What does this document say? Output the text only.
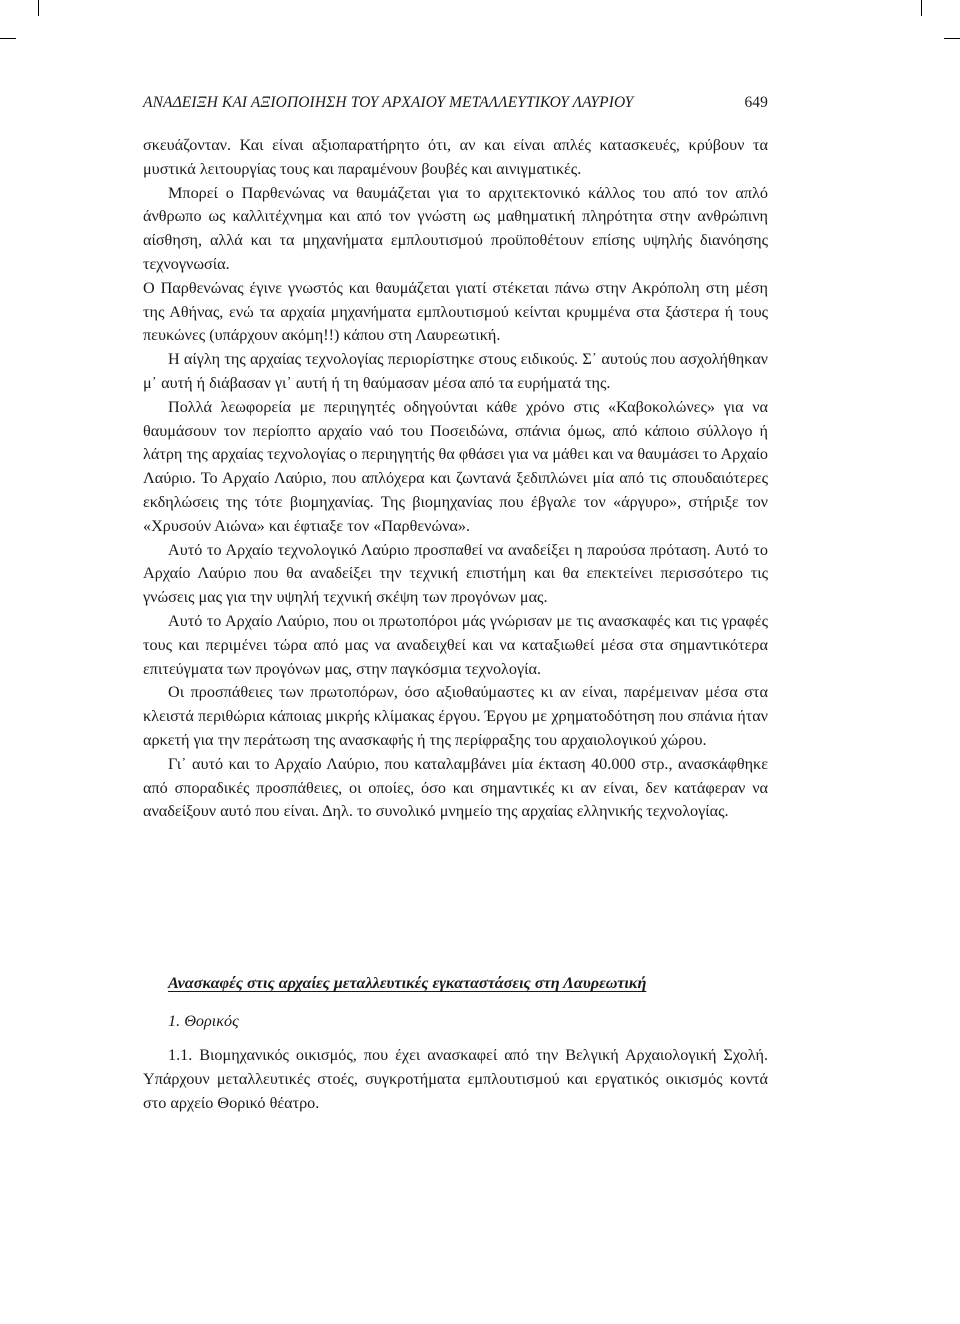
ΑΝΑΔΕΙΞΗ ΚΑΙ ΑΞΙΟΠΟΙΗΣΗ ΤΟΥ ΑΡΧΑΙΟΥ ΜΕΤΑΛΛΕΥΤΙΚΟΥ ΛΑΥΡΙΟΥ	649

σκευάζονταν. Και είναι αξιοπαρατήρητο ότι, αν και είναι απλές κατασκευές, κρύβουν τα μυστικά λειτουργίας τους και παραμένουν βουβές και αινιγματικές.

Μπορεί ο Παρθενώνας να θαυμάζεται για το αρχιτεκτονικό κάλλος του από τον απλό άνθρωπο ως καλλιτέχνημα και από τον γνώστη ως μαθηματική πληρότητα στην ανθρώπινη αίσθηση, αλλά και τα μηχανήματα εμπλουτισμού προϋποθέτουν επίσης υψηλής διανόησης τεχνογνωσία.

Ο Παρθενώνας έγινε γνωστός και θαυμάζεται γιατί στέκεται πάνω στην Ακρόπολη στη μέση της Αθήνας, ενώ τα αρχαία μηχανήματα εμπλουτισμού κείνται κρυμμένα στα ξάστερα ή τους πευκώνες (υπάρχουν ακόμη!!) κάπου στη Λαυρεωτική.

Η αίγλη της αρχαίας τεχνολογίας περιορίστηκε στους ειδικούς. Σ᾽ αυτούς που ασχολήθηκαν μ᾽ αυτή ή διάβασαν γι᾽ αυτή ή τη θαύμασαν μέσα από τα ευρήματά της.

Πολλά λεωφορεία με περιηγητές οδηγούνται κάθε χρόνο στις «Καβοκολώνες» για να θαυμάσουν τον περίοπτο αρχαίο ναό του Ποσειδώνα, σπάνια όμως, από κάποιο σύλλογο ή λάτρη της αρχαίας τεχνολογίας ο περιηγητής θα φθάσει για να μάθει και να θαυμάσει το Αρχαίο Λαύριο. Το Αρχαίο Λαύριο, που απλόχερα και ζωντανά ξεδιπλώνει μία από τις σπουδαιότερες εκδηλώσεις της τότε βιομηχανίας. Της βιομηχανίας που έβγαλε τον «άργυρο», στήριξε τον «Χρυσούν Αιώνα» και έφτιαξε τον «Παρθενώνα».

Αυτό το Αρχαίο τεχνολογικό Λαύριο προσπαθεί να αναδείξει η παρούσα πρόταση. Αυτό το Αρχαίο Λαύριο που θα αναδείξει την τεχνική επιστήμη και θα επεκτείνει περισσότερο τις γνώσεις μας για την υψηλή τεχνική σκέψη των προγόνων μας.

Αυτό το Αρχαίο Λαύριο, που οι πρωτοπόροι μάς γνώρισαν με τις ανασκαφές και τις γραφές τους και περιμένει τώρα από μας να αναδειχθεί και να καταξιωθεί μέσα στα σημαντικότερα επιτεύγματα των προγόνων μας, στην παγκόσμια τεχνολογία.

Οι προσπάθειες των πρωτοπόρων, όσο αξιοθαύμαστες κι αν είναι, παρέμειναν μέσα στα κλειστά περιθώρια κάποιας μικρής κλίμακας έργου. Έργου με χρηματοδότηση που σπάνια ήταν αρκετή για την περάτωση της ανασκαφής ή της περίφραξης του αρχαιολογικού χώρου.

Γι᾽ αυτό και το Αρχαίο Λαύριο, που καταλαμβάνει μία έκταση 40.000 στρ., ανασκάφθηκε από σποραδικές προσπάθειες, οι οποίες, όσο και σημαντικές κι αν είναι, δεν κατάφεραν να αναδείξουν αυτό που είναι. Δηλ. το συνολικό μνημείο της αρχαίας ελληνικής τεχνολογίας.

Ανασκαφές στις αρχαίες μεταλλευτικές εγκαταστάσεις στη Λαυρεωτική
1. Θορικός

1.1. Βιομηχανικός οικισμός, που έχει ανασκαφεί από την Βελγική Αρχαιολογική Σχολή. Υπάρχουν μεταλλευτικές στοές, συγκροτήματα εμπλουτισμού και εργατικός οικισμός κοντά στο αρχείο Θορικό θέατρο.
